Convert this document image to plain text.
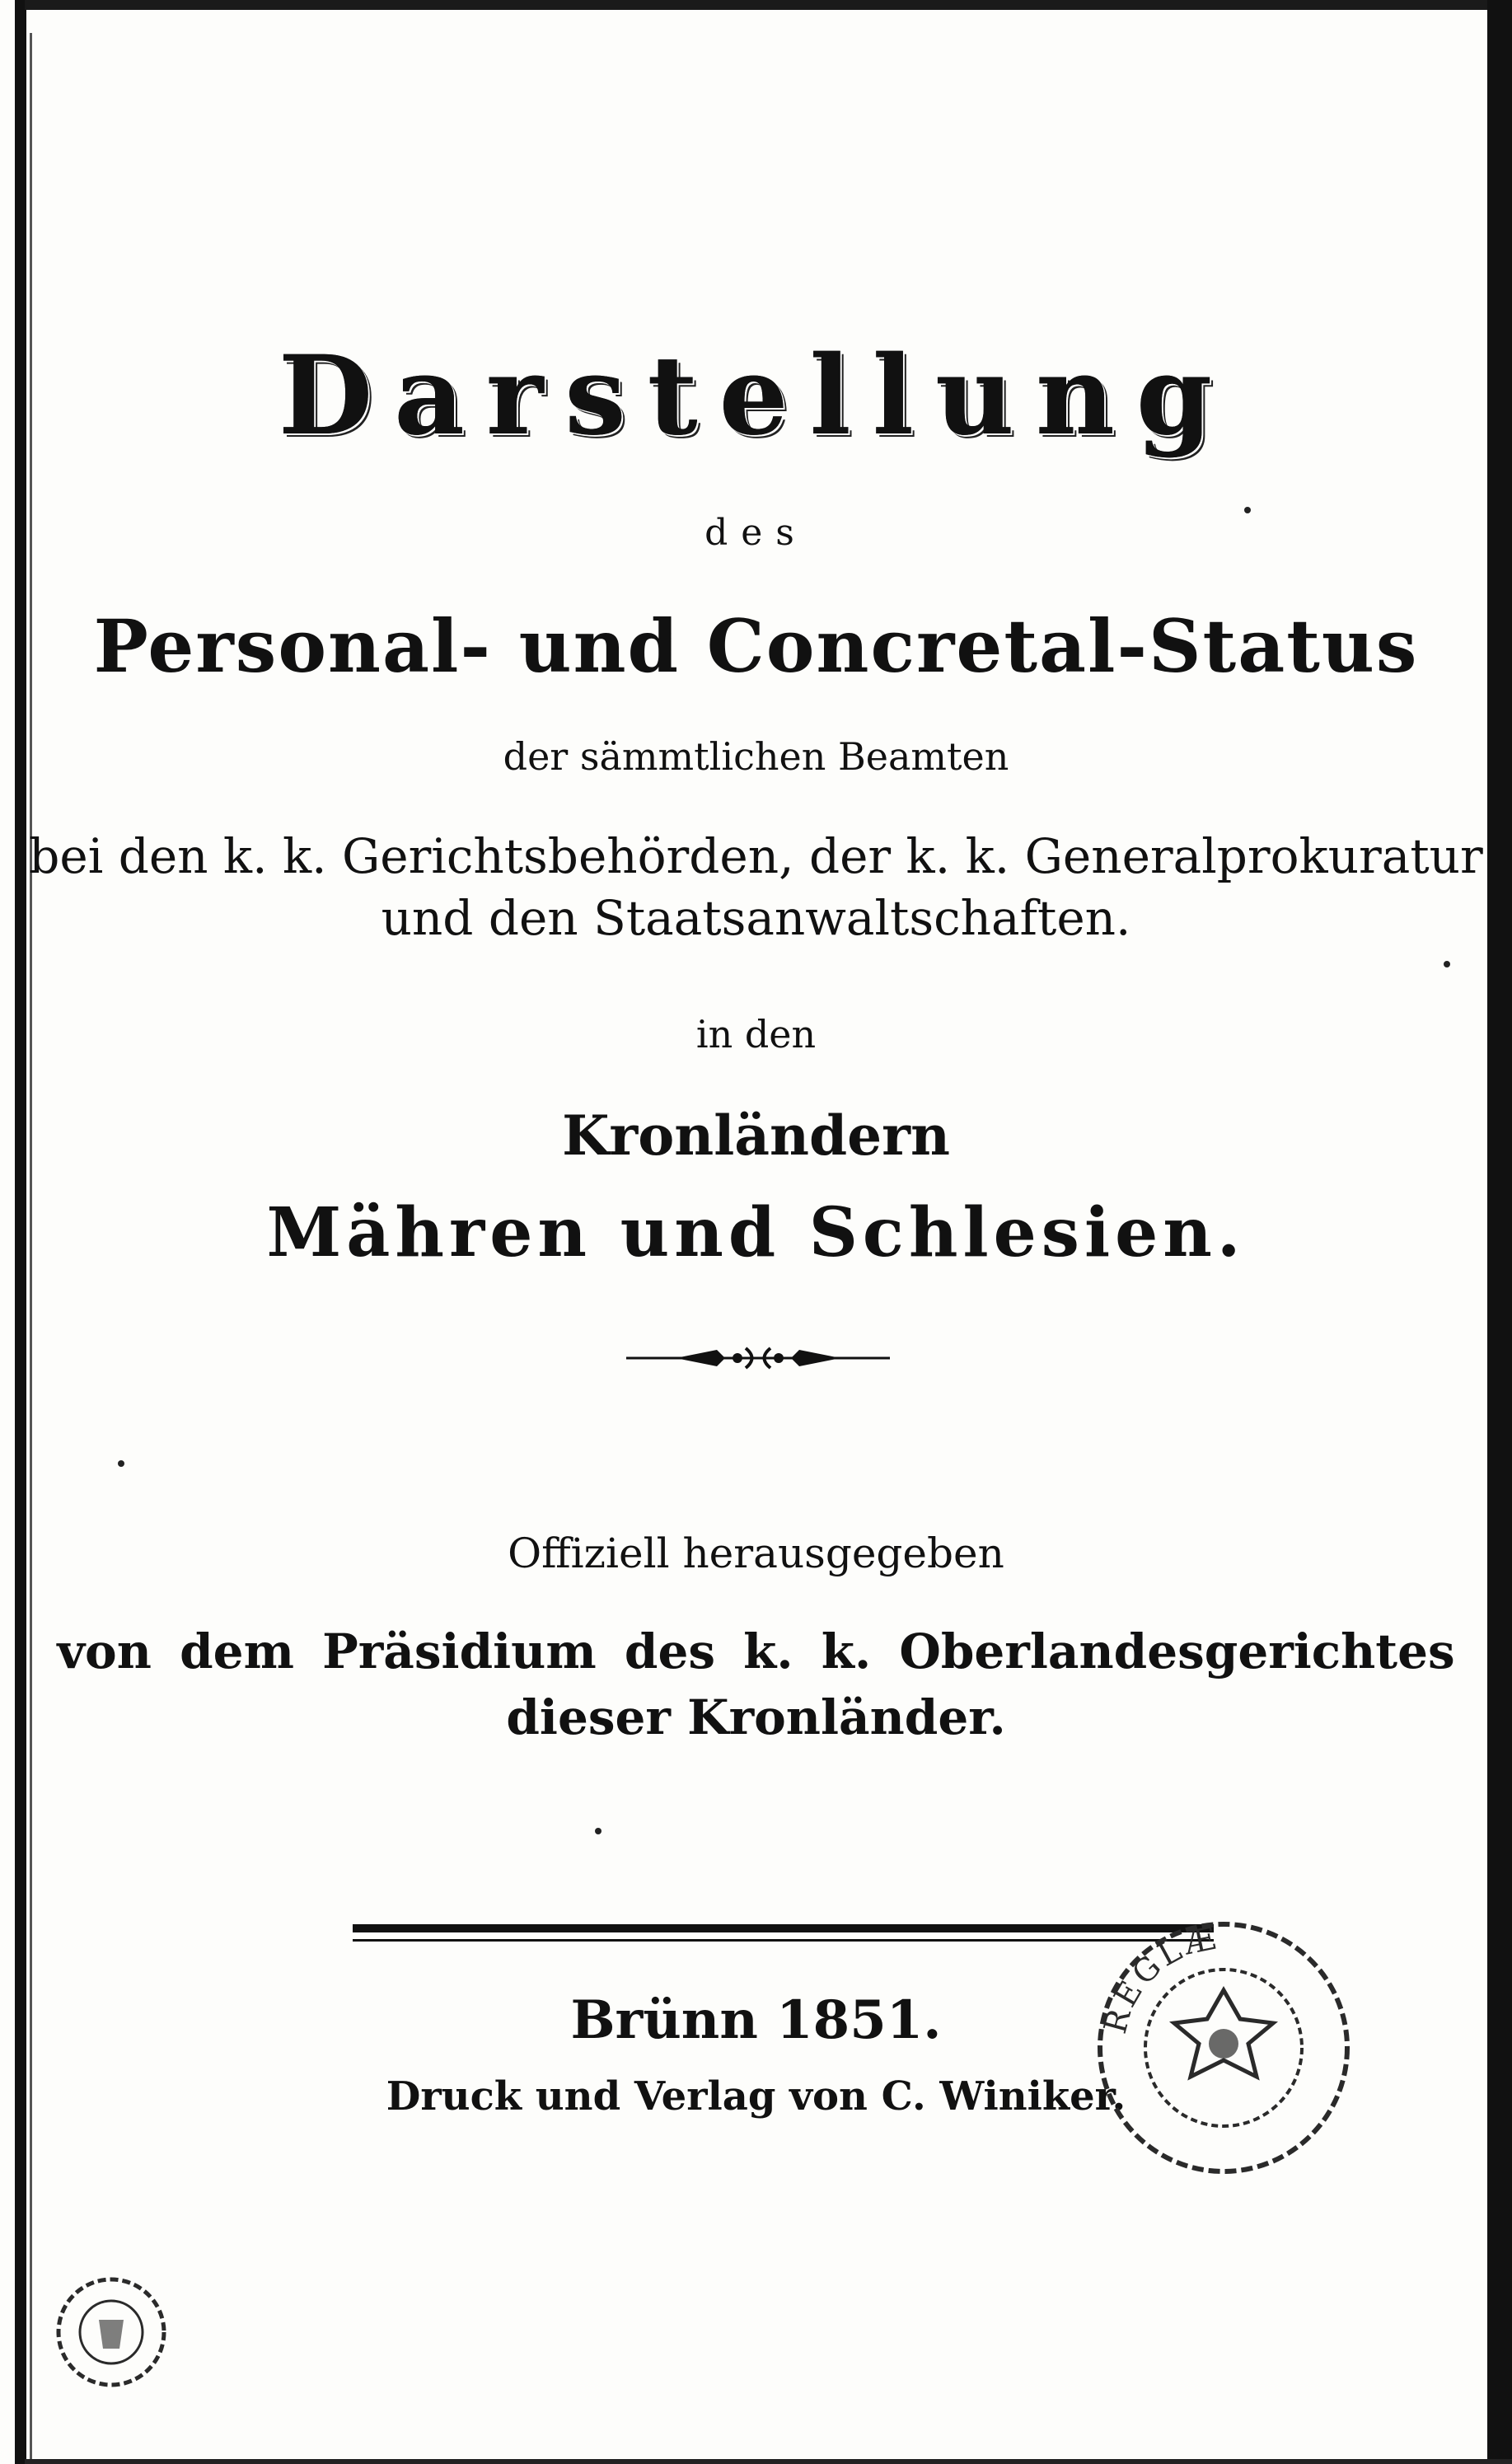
Darstellung
des
Personal- und Concretal-Status
der sämmtlichen Beamten
bei den k. k. Gerichtsbehörden, der k. k. Generalprokuratur
und den Staatsanwaltschaften.
in den
Kronländern
Mähren und Schlesien.
Offiziell herausgegeben
von dem Präsidium des k. k. Oberlandesgerichtes
dieser Kronländer.
Brünn 1851.
Druck und Verlag von C. Winiker.
REGLÆ
